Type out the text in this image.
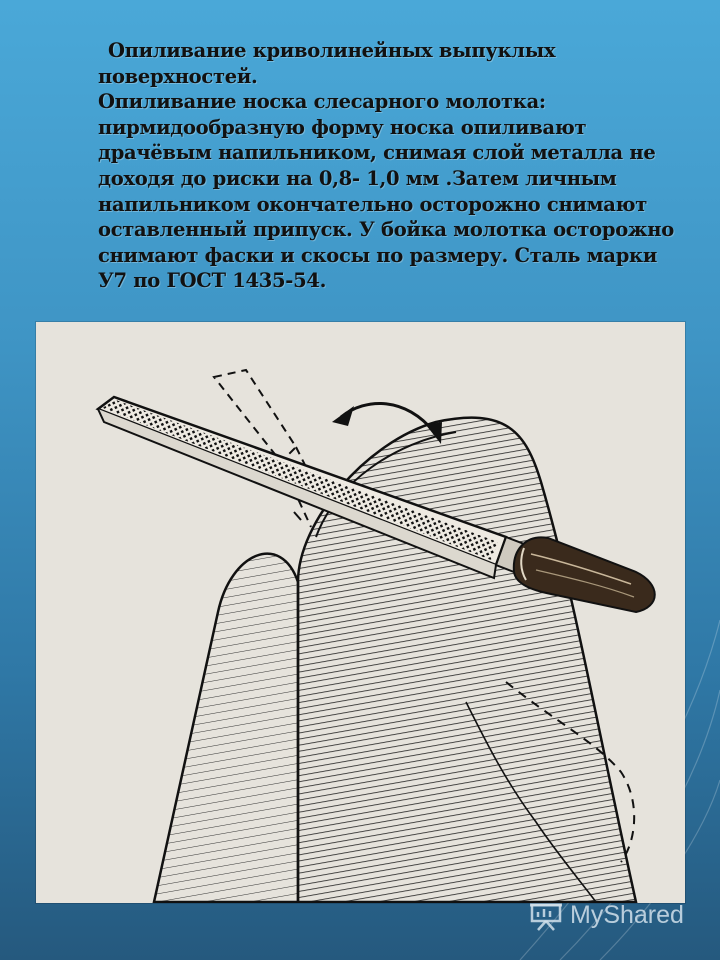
Опиливание криволинейных выпуклых
поверхностей.
Опиливание носка слесарного молотка:
пирмидообразную форму носка опиливают
драчёвым напильником, снимая слой металла не
доходя до риски на 0,8- 1,0 мм .Затем личным
напильником окончательно осторожно снимают
оставленный припуск. У бойка молотка осторожно
снимают фаски и скосы по размеру. Сталь марки
У7 по ГОСТ 1435-54.
MyShared
